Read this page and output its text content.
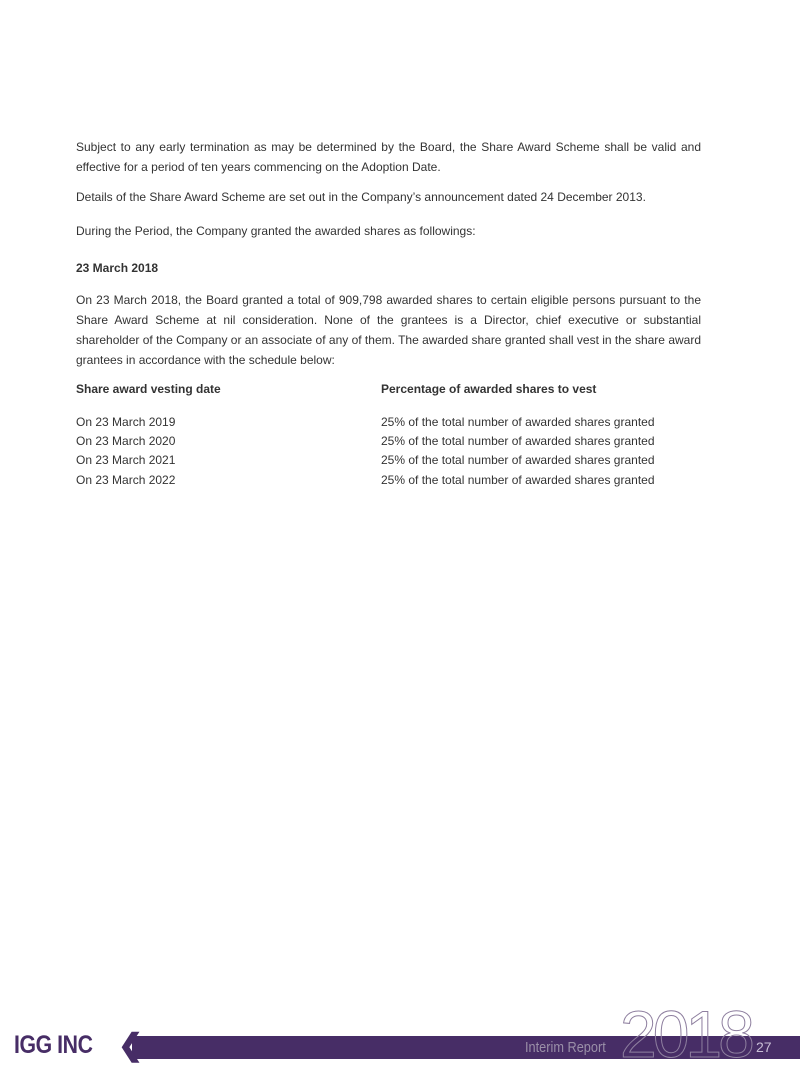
Subject to any early termination as may be determined by the Board, the Share Award Scheme shall be valid and effective for a period of ten years commencing on the Adoption Date.

Details of the Share Award Scheme are set out in the Company’s announcement dated 24 December 2013.

During the Period, the Company granted the awarded shares as followings:

23 March 2018

On 23 March 2018, the Board granted a total of 909,798 awarded shares to certain eligible persons pursuant to the Share Award Scheme at nil consideration. None of the grantees is a Director, chief executive or substantial shareholder of the Company or an associate of any of them. The awarded share granted shall vest in the share award grantees in accordance with the schedule below:

Share award vesting date	Percentage of awarded shares to vest
On 23 March 2019	25% of the total number of awarded shares granted
On 23 March 2020	25% of the total number of awarded shares granted
On 23 March 2021	25% of the total number of awarded shares granted
On 23 March 2022	25% of the total number of awarded shares granted
IGG INC ❮	Interim Report 2018 27
